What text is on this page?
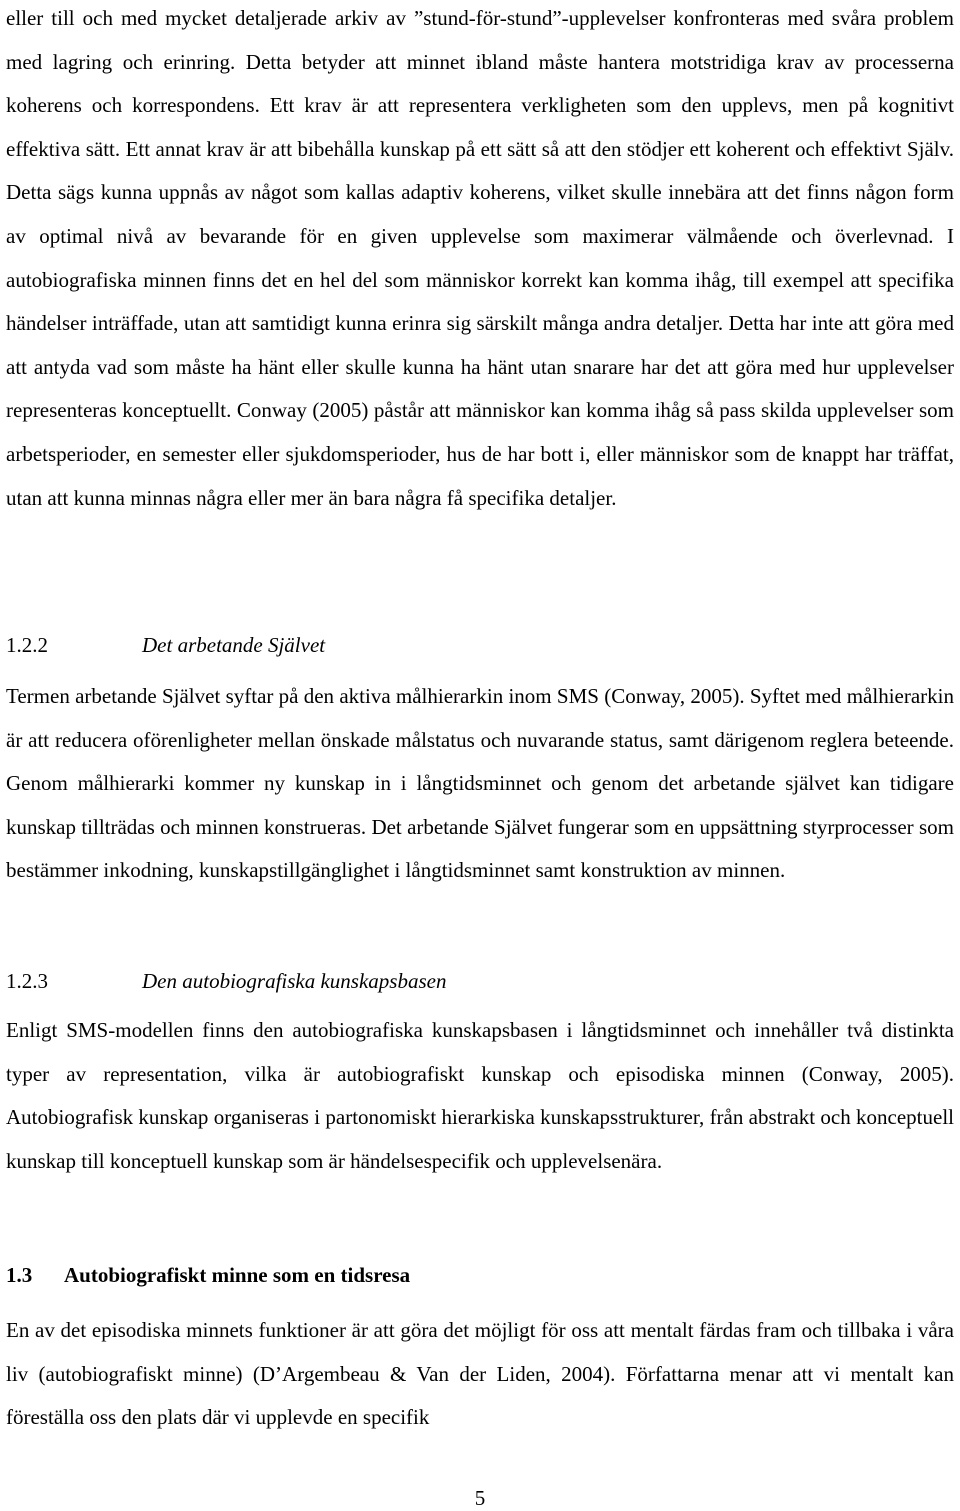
eller till och med mycket detaljerade arkiv av ”stund-för-stund”-upplevelser konfronteras med svåra problem med lagring och erinring. Detta betyder att minnet ibland måste hantera motstridiga krav av processerna koherens och korrespondens. Ett krav är att representera verkligheten som den upplevs, men på kognitivt effektiva sätt. Ett annat krav är att bibehålla kunskap på ett sätt så att den stödjer ett koherent och effektivt Själv. Detta sägs kunna uppnås av något som kallas adaptiv koherens, vilket skulle innebära att det finns någon form av optimal nivå av bevarande för en given upplevelse som maximerar välmående och överlevnad. I autobiografiska minnen finns det en hel del som människor korrekt kan komma ihåg, till exempel att specifika händelser inträffade, utan att samtidigt kunna erinra sig särskilt många andra detaljer. Detta har inte att göra med att antyda vad som måste ha hänt eller skulle kunna ha hänt utan snarare har det att göra med hur upplevelser representeras konceptuellt. Conway (2005) påstår att människor kan komma ihåg så pass skilda upplevelser som arbetsperioder, en semester eller sjukdomsperioder, hus de har bott i, eller människor som de knappt har träffat, utan att kunna minnas några eller mer än bara några få specifika detaljer.

1.2.2	Det arbetande Självet

Termen arbetande Självet syftar på den aktiva målhierarkin inom SMS (Conway, 2005). Syftet med målhierarkin är att reducera oförenligheter mellan önskade målstatus och nuvarande status, samt därigenom reglera beteende. Genom målhierarki kommer ny kunskap in i långtidsminnet och genom det arbetande självet kan tidigare kunskap tillträdas och minnen konstrueras. Det arbetande Självet fungerar som en uppsättning styrprocesser som bestämmer inkodning, kunskapstillgänglighet i långtidsminnet samt konstruktion av minnen.

1.2.3	Den autobiografiska kunskapsbasen

Enligt SMS-modellen finns den autobiografiska kunskapsbasen i långtidsminnet och innehåller två distinkta typer av representation, vilka är autobiografiskt kunskap och episodiska minnen (Conway, 2005). Autobiografisk kunskap organiseras i partonomiskt hierarkiska kunskapsstrukturer, från abstrakt och konceptuell kunskap till konceptuell kunskap som är händelsespecifik och upplevelsenära.

1.3 Autobiografiskt minne som en tidsresa

En av det episodiska minnets funktioner är att göra det möjligt för oss att mentalt färdas fram och tillbaka i våra liv (autobiografiskt minne) (D’Argembeau & Van der Liden, 2004). Författarna menar att vi mentalt kan föreställa oss den plats där vi upplevde en specifik

5
